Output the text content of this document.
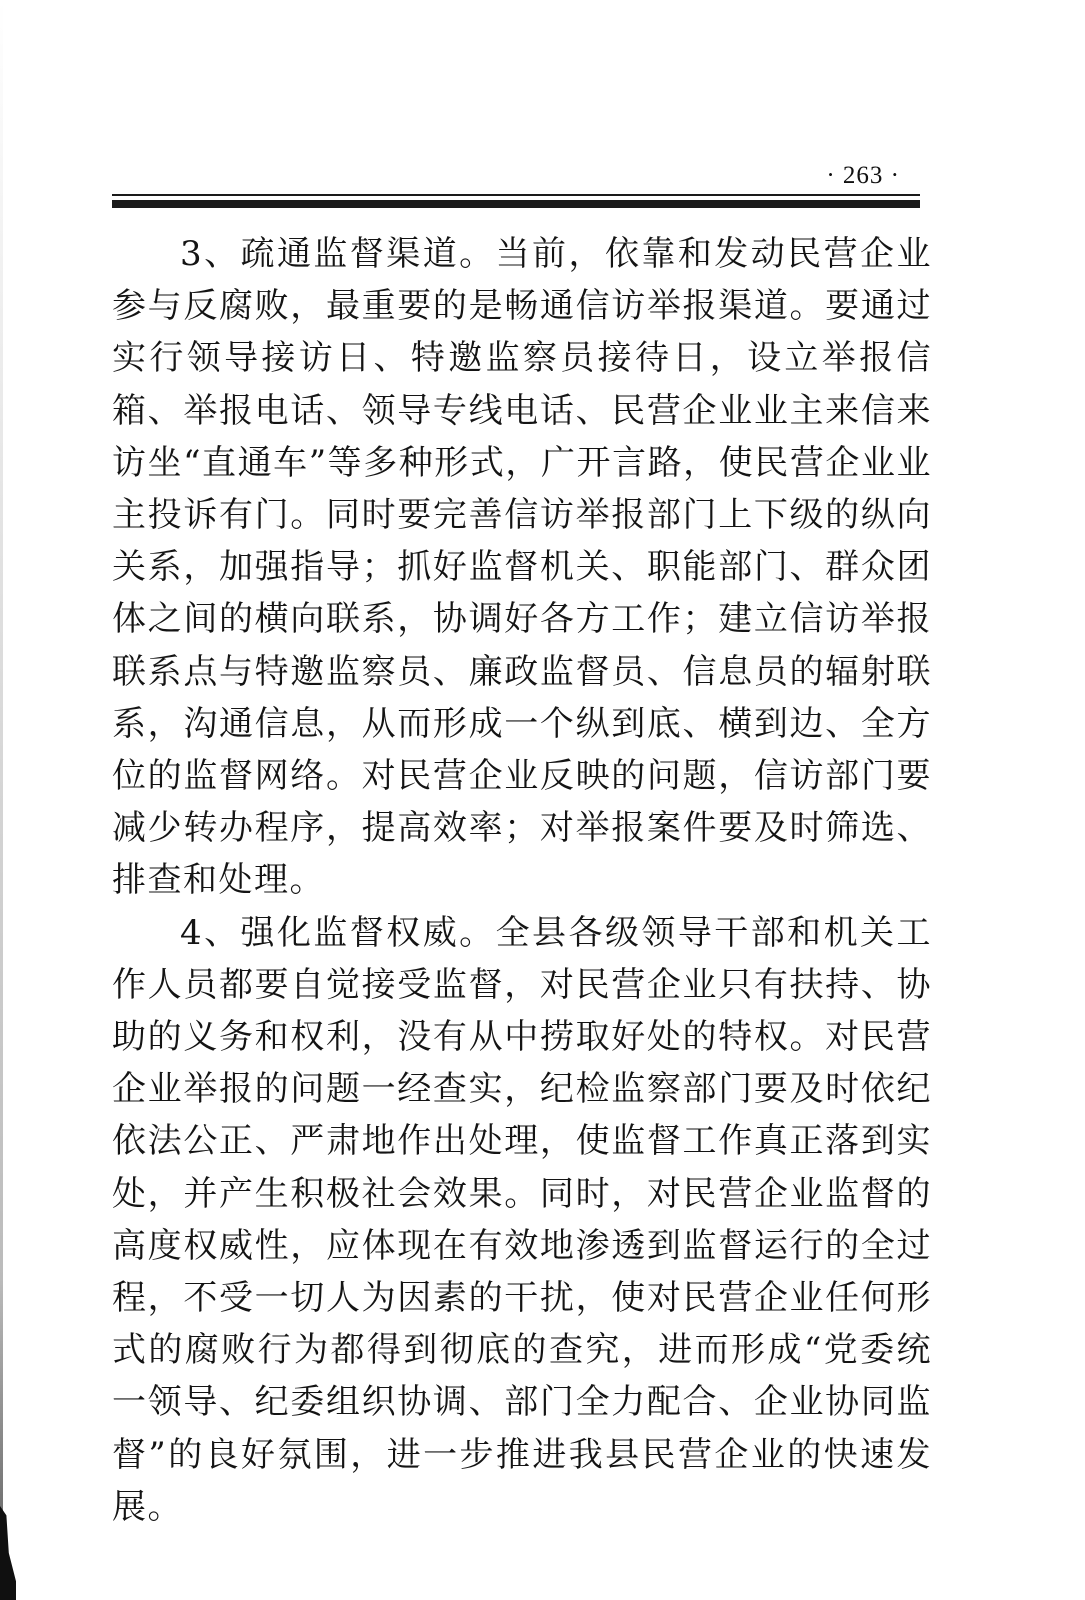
· 263 ·

3、疏通监督渠道。当前，依靠和发动民营企业参与反腐败，最重要的是畅通信访举报渠道。要通过实行领导接访日、特邀监察员接待日，设立举报信箱、举报电话、领导专线电话、民营企业业主来信来访坐“直通车”等多种形式，广开言路，使民营企业业主投诉有门。同时要完善信访举报部门上下级的纵向关系，加强指导；抓好监督机关、职能部门、群众团体之间的横向联系，协调好各方工作；建立信访举报联系点与特邀监察员、廉政监督员、信息员的辐射联系，沟通信息，从而形成一个纵到底、横到边、全方位的监督网络。对民营企业反映的问题，信访部门要减少转办程序，提高效率；对举报案件要及时筛选、排查和处理。

4、强化监督权威。全县各级领导干部和机关工作人员都要自觉接受监督，对民营企业只有扶持、协助的义务和权利，没有从中捞取好处的特权。对民营企业举报的问题一经查实，纪检监察部门要及时依纪依法公正、严肃地作出处理，使监督工作真正落到实处，并产生积极社会效果。同时，对民营企业监督的高度权威性，应体现在有效地渗透到监督运行的全过程，不受一切人为因素的干扰，使对民营企业任何形式的腐败行为都得到彻底的查究，进而形成“党委统一领导、纪委组织协调、部门全力配合、企业协同监督”的良好氛围，进一步推进我县民营企业的快速发展。
